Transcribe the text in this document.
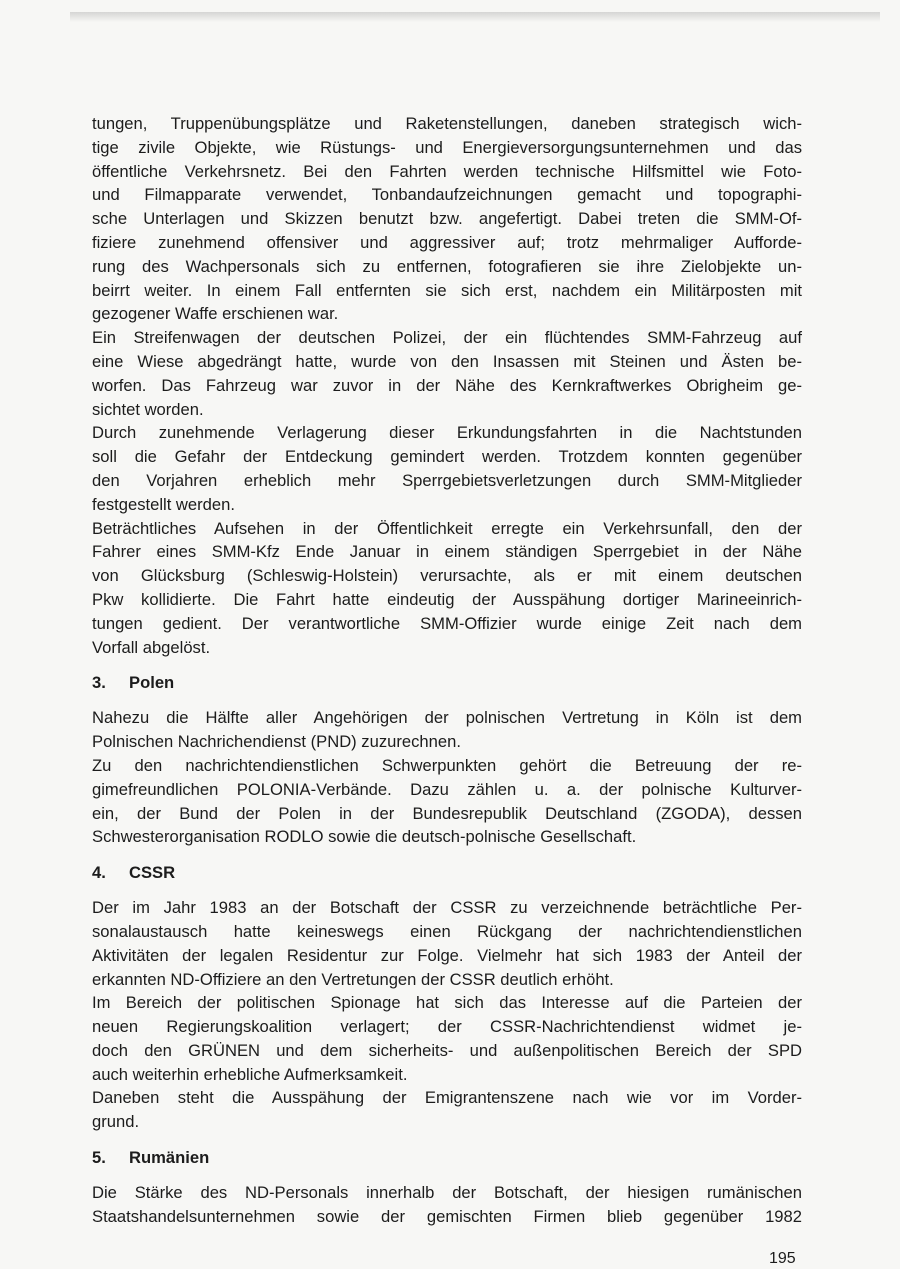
tungen, Truppenübungsplätze und Raketenstellungen, daneben strategisch wich-

tige zivile Objekte, wie Rüstungs- und Energieversorgungsunternehmen und das

öffentliche Verkehrsnetz. Bei den Fahrten werden technische Hilfsmittel wie Foto-

und Filmapparate verwendet, Tonbandaufzeichnungen gemacht und topographi-

sche Unterlagen und Skizzen benutzt bzw. angefertigt. Dabei treten die SMM-Of-

fiziere zunehmend offensiver und aggressiver auf; trotz mehrmaliger Aufforde-

rung des Wachpersonals sich zu entfernen, fotografieren sie ihre Zielobjekte un-

beirrt weiter. In einem Fall entfernten sie sich erst, nachdem ein Militärposten mit

gezogener Waffe erschienen war.

Ein Streifenwagen der deutschen Polizei, der ein flüchtendes SMM-Fahrzeug auf

eine Wiese abgedrängt hatte, wurde von den Insassen mit Steinen und Ästen be-

worfen. Das Fahrzeug war zuvor in der Nähe des Kernkraftwerkes Obrigheim ge-

sichtet worden.

Durch zunehmende Verlagerung dieser Erkundungsfahrten in die Nachtstunden

soll die Gefahr der Entdeckung gemindert werden. Trotzdem konnten gegenüber

den Vorjahren erheblich mehr Sperrgebietsverletzungen durch SMM-Mitglieder

festgestellt werden.

Beträchtliches Aufsehen in der Öffentlichkeit erregte ein Verkehrsunfall, den der

Fahrer eines SMM-Kfz Ende Januar in einem ständigen Sperrgebiet in der Nähe

von Glücksburg (Schleswig-Holstein) verursachte, als er mit einem deutschen

Pkw kollidierte. Die Fahrt hatte eindeutig der Ausspähung dortiger Marineeinrich-

tungen gedient. Der verantwortliche SMM-Offizier wurde einige Zeit nach dem

Vorfall abgelöst.

3.	Polen

Nahezu die Hälfte aller Angehörigen der polnischen Vertretung in Köln ist dem

Polnischen Nachrichendienst (PND) zuzurechnen.

Zu den nachrichtendienstlichen Schwerpunkten gehört die Betreuung der re-

gimefreundlichen POLONIA-Verbände. Dazu zählen u. a. der polnische Kulturver-

ein, der Bund der Polen in der Bundesrepublik Deutschland (ZGODA), dessen

Schwesterorganisation RODLO sowie die deutsch-polnische Gesellschaft.

4.	CSSR

Der im Jahr 1983 an der Botschaft der CSSR zu verzeichnende beträchtliche Per-

sonalaustausch hatte keineswegs einen Rückgang der nachrichtendienstlichen

Aktivitäten der legalen Residentur zur Folge. Vielmehr hat sich 1983 der Anteil der

erkannten ND-Offiziere an den Vertretungen der CSSR deutlich erhöht.

Im Bereich der politischen Spionage hat sich das Interesse auf die Parteien der

neuen Regierungskoalition verlagert; der CSSR-Nachrichtendienst widmet je-

doch den GRÜNEN und dem sicherheits- und außenpolitischen Bereich der SPD

auch weiterhin erhebliche Aufmerksamkeit.

Daneben steht die Ausspähung der Emigrantenszene nach wie vor im Vorder-

grund.

5.	Rumänien

Die Stärke des ND-Personals innerhalb der Botschaft, der hiesigen rumänischen

Staatshandelsunternehmen sowie der gemischten Firmen blieb gegenüber 1982

195
